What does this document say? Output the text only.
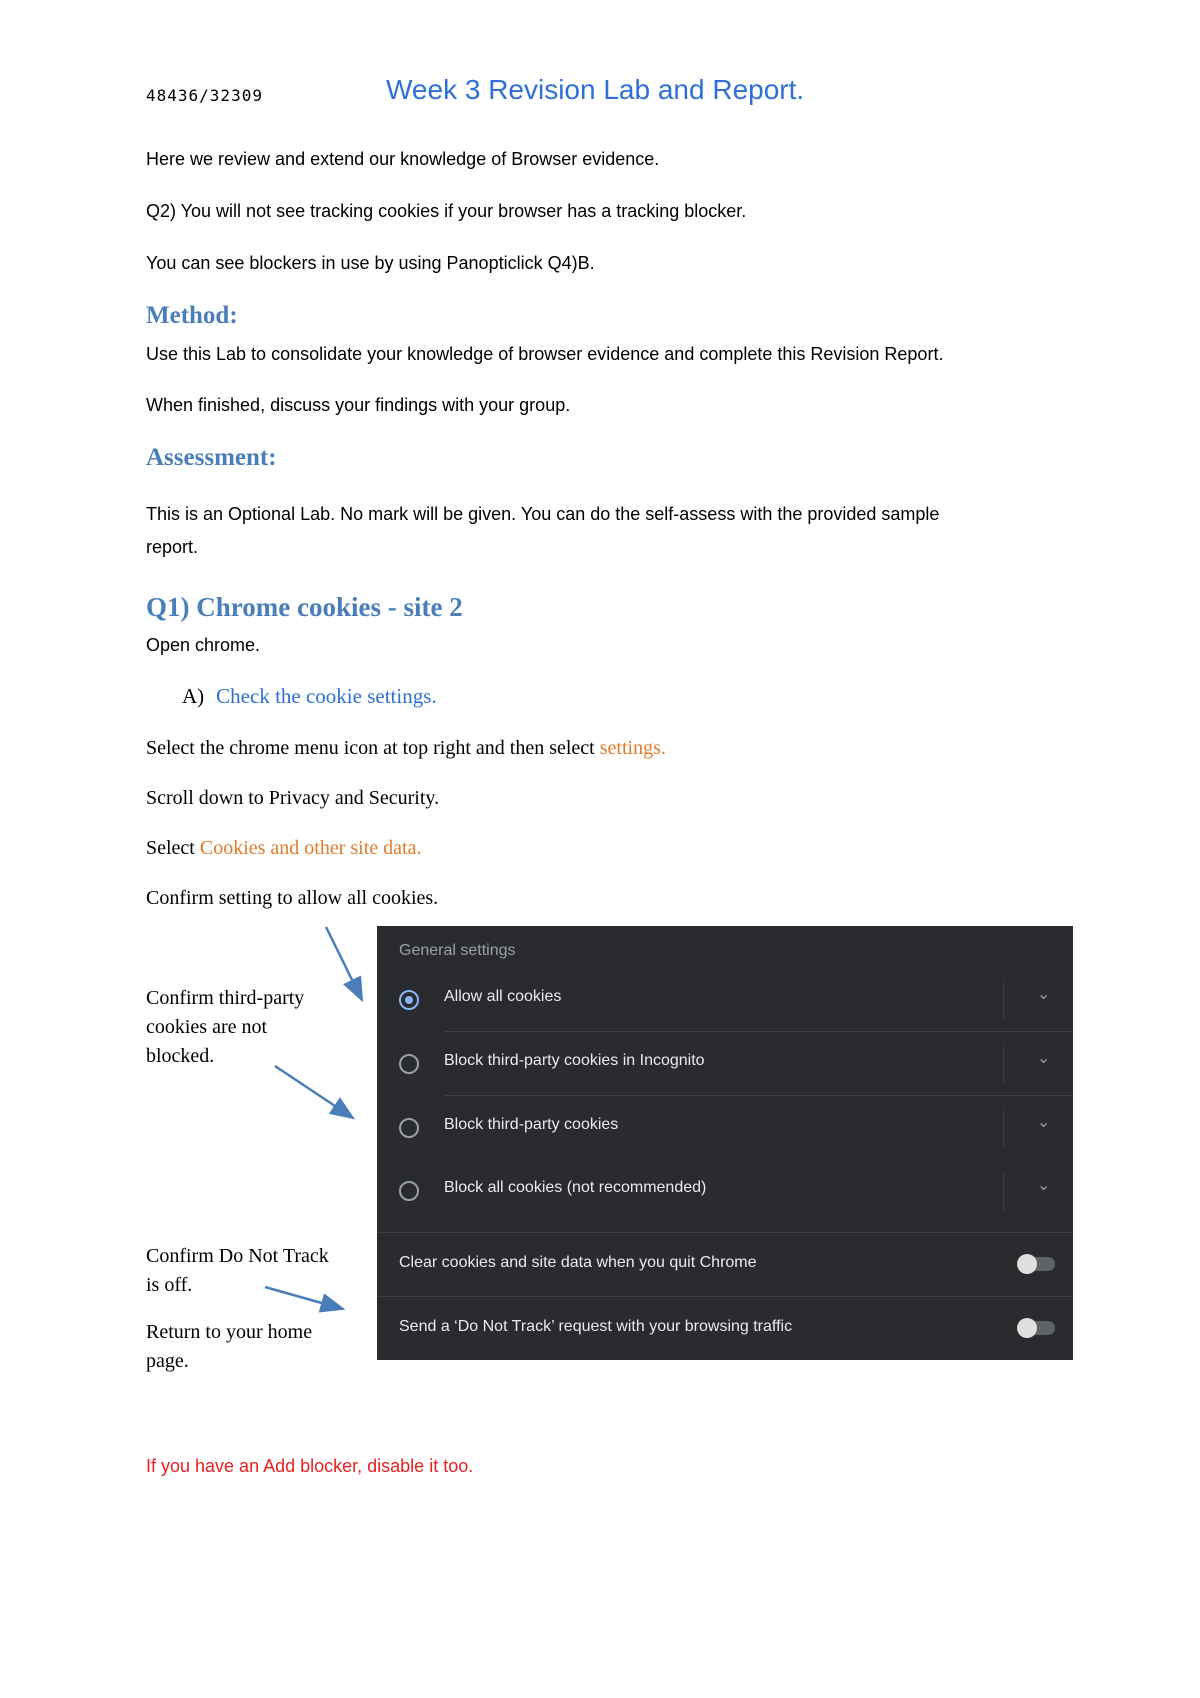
48436/32309	Week 3 Revision Lab and Report.
Here we review and extend our knowledge of Browser evidence.
Q2) You will not see tracking cookies if your browser has a tracking blocker.
You can see blockers in use by using Panopticlick Q4)B.
Method:
Use this Lab to consolidate your knowledge of browser evidence and complete this Revision Report.
When finished, discuss your findings with your group.
Assessment:
This is an Optional Lab. No mark will be given. You can do the self-assess with the provided sample
report.
Q1) Chrome cookies - site 2
Open chrome.
A) Check the cookie settings.
Select the chrome menu icon at top right and then select settings.
Scroll down to Privacy and Security.
Select Cookies and other site data.
Confirm setting to allow all cookies.
Confirm third-party
cookies are not
blocked.
Confirm Do Not Track
is off.
Return to your home
page.
General settings
Allow all cookies	⌄
Block third-party cookies in Incognito	⌄
Block third-party cookies	⌄
Block all cookies (not recommended)	⌄
Clear cookies and site data when you quit Chrome
Send a ‘Do Not Track’ request with your browsing traffic
If you have an Add blocker, disable it too.
